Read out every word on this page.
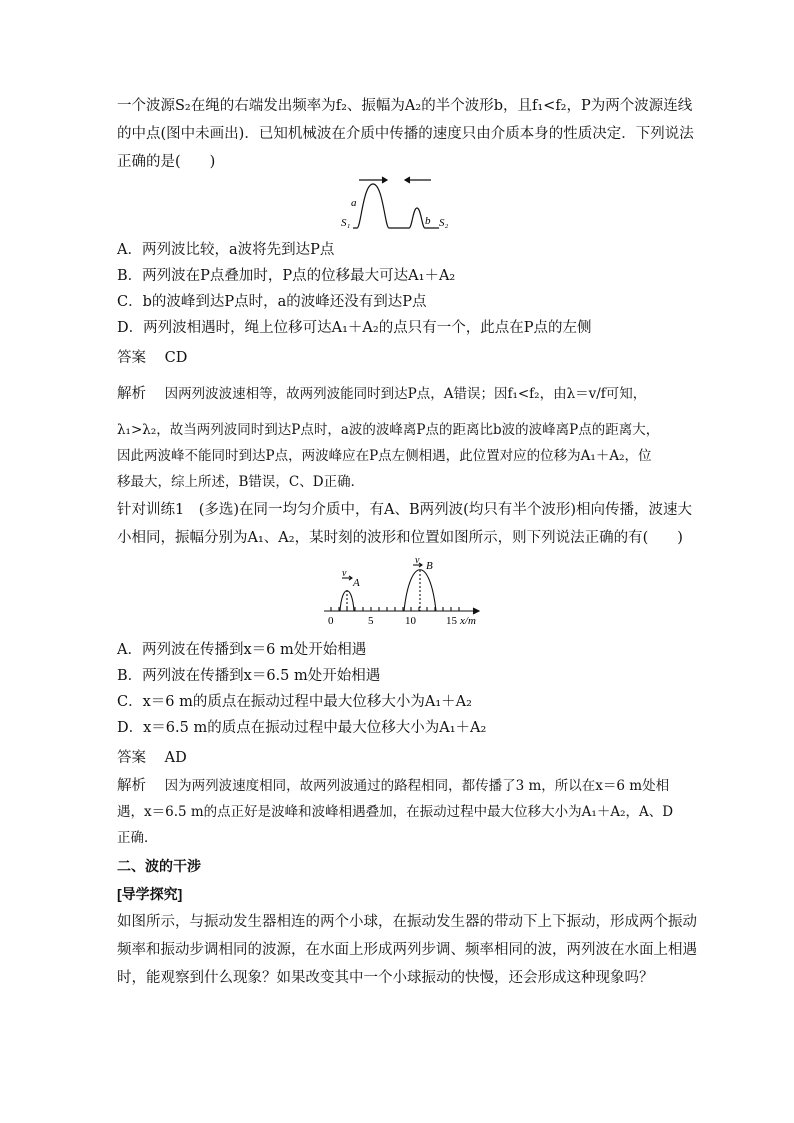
一个波源S₂在绳的右端发出频率为f₂、振幅为A₂的半个波形b，且f₁<f₂，P为两个波源连线
的中点(图中未画出)．已知机械波在介质中传播的速度只由介质本身的性质决定．下列说法
正确的是(　　)
a
b
S₁	S₂
A．两列波比较，a波将先到达P点
B．两列波在P点叠加时，P点的位移最大可达A₁＋A₂
C．b的波峰到达P点时，a的波峰还没有到达P点
D．两列波相遇时，绳上位移可达A₁＋A₂的点只有一个，此点在P点的左侧
答案 CD
解析 因两列波波速相等，故两列波能同时到达P点，A错误；因f₁<f₂，由λ＝v/f可知，
λ₁>λ₂，故当两列波同时到达P点时，a波的波峰离P点的距离比b波的波峰离P点的距离大，
因此两波峰不能同时到达P点，两波峰应在P点左侧相遇，此位置对应的位移为A₁＋A₂，位
移最大，综上所述，B错误，C、D正确．
针对训练1　(多选)在同一均匀介质中，有A、B两列波(均只有半个波形)相向传播，波速大
小相同，振幅分别为A₁、A₂，某时刻的波形和位置如图所示，则下列说法正确的有(　　)
v
A
v B
0	5	10	15 x/m
A．两列波在传播到x＝6 m处开始相遇
B．两列波在传播到x＝6.5 m处开始相遇
C．x＝6 m的质点在振动过程中最大位移大小为A₁＋A₂
D．x＝6.5 m的质点在振动过程中最大位移大小为A₁＋A₂
答案 AD
解析 因为两列波速度相同，故两列波通过的路程相同，都传播了3 m，所以在x＝6 m处相
遇，x＝6.5 m的点正好是波峰和波峰相遇叠加，在振动过程中最大位移大小为A₁＋A₂，A、D
正确．
二、波的干涉
[导学探究]
如图所示，与振动发生器相连的两个小球，在振动发生器的带动下上下振动，形成两个振动
频率和振动步调相同的波源，在水面上形成两列步调、频率相同的波，两列波在水面上相遇
时，能观察到什么现象？如果改变其中一个小球振动的快慢，还会形成这种现象吗？
